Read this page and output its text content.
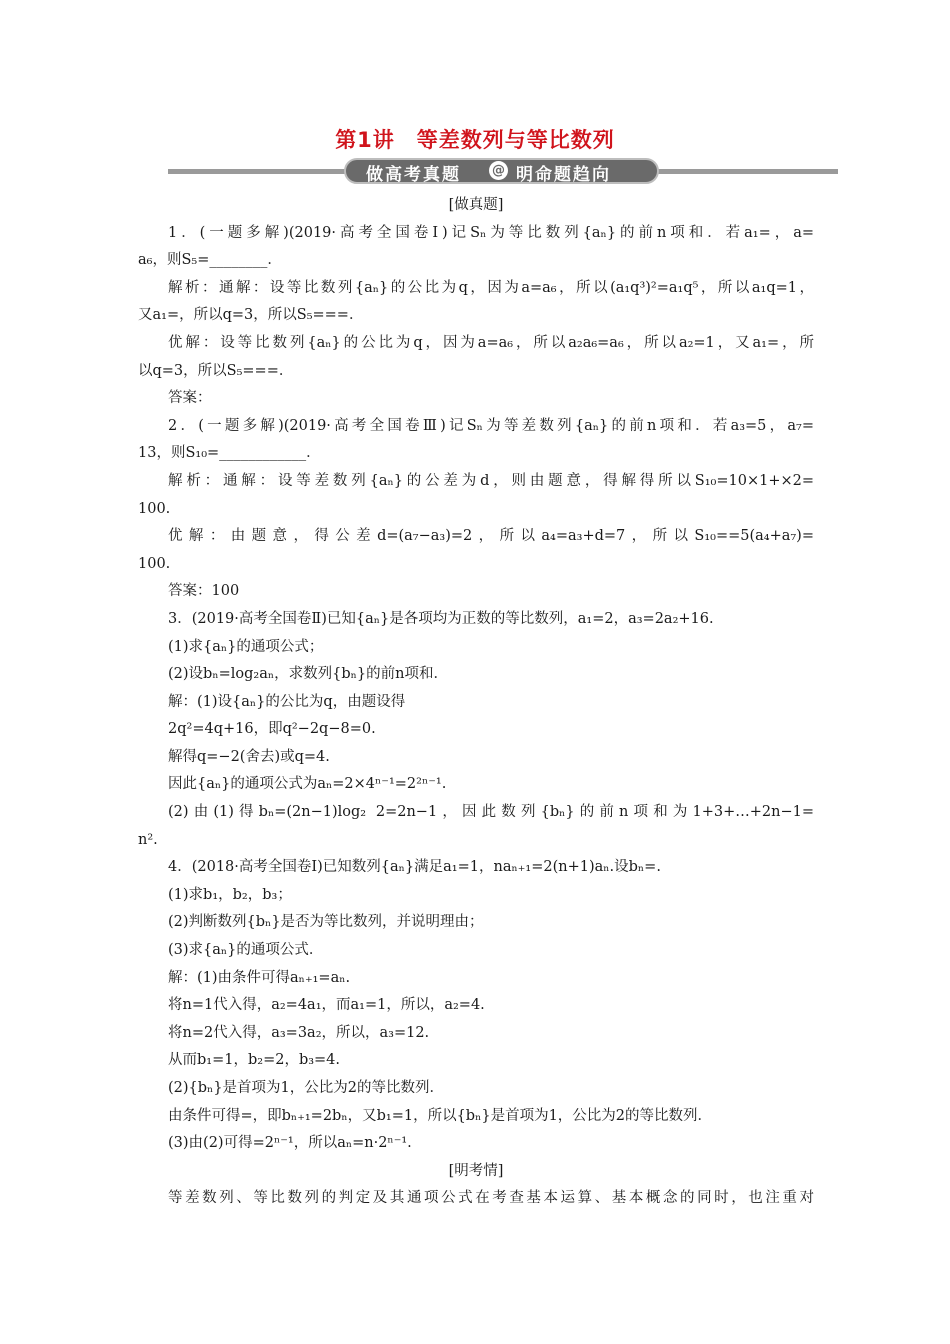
第1讲　等差数列与等比数列
做高考真题 @ 明命题趋向

[做真题]

1．(一题多解)(2019·高考全国卷Ⅰ)记Sₙ为等比数列{aₙ}的前n项和．若a₁=，a=

a₆，则S₅=________．

解析：通解：设等比数列{aₙ}的公比为q，因为a=a₆，所以(a₁q³)²=a₁q⁵，所以a₁q=1，

又a₁=，所以q=3，所以S₅===．

优解：设等比数列{aₙ}的公比为q，因为a=a₆，所以a₂a₆=a₆，所以a₂=1，又a₁=，所

以q=3，所以S₅===．

答案：

2．(一题多解)(2019·高考全国卷Ⅲ)记Sₙ为等差数列{aₙ}的前n项和．若a₃=5，a₇=

13，则S₁₀=____________．

解析：通解：设等差数列{aₙ}的公差为d，则由题意，得解得所以S₁₀=10×1+×2=

100.

优解：由题意，得公差d=(a₇−a₃)=2，所以a₄=a₃+d=7，所以S₁₀==5(a₄+a₇)=

100.

答案：100

3．(2019·高考全国卷Ⅱ)已知{aₙ}是各项均为正数的等比数列，a₁=2，a₃=2a₂+16.

(1)求{aₙ}的通项公式；

(2)设bₙ=log₂aₙ，求数列{bₙ}的前n项和．

解：(1)设{aₙ}的公比为q，由题设得

2q²=4q+16，即q²−2q−8=0.

解得q=−2(舍去)或q=4.

因此{aₙ}的通项公式为aₙ=2×4ⁿ⁻¹=2²ⁿ⁻¹.

(2)由(1)得bₙ=(2n−1)log₂ 2=2n−1，因此数列{bₙ}的前n项和为1+3+…+2n−1=

n².

4．(2018·高考全国卷Ⅰ)已知数列{aₙ}满足a₁=1，naₙ₊₁=2(n+1)aₙ.设bₙ=.

(1)求b₁，b₂，b₃；

(2)判断数列{bₙ}是否为等比数列，并说明理由；

(3)求{aₙ}的通项公式．

解：(1)由条件可得aₙ₊₁=aₙ.

将n=1代入得，a₂=4a₁，而a₁=1，所以，a₂=4.

将n=2代入得，a₃=3a₂，所以，a₃=12.

从而b₁=1，b₂=2，b₃=4.

(2){bₙ}是首项为1，公比为2的等比数列．

由条件可得=，即bₙ₊₁=2bₙ，又b₁=1，所以{bₙ}是首项为1，公比为2的等比数列．

(3)由(2)可得=2ⁿ⁻¹，所以aₙ=n·2ⁿ⁻¹.

[明考情]

等差数列、等比数列的判定及其通项公式在考查基本运算、基本概念的同时，也注重对
